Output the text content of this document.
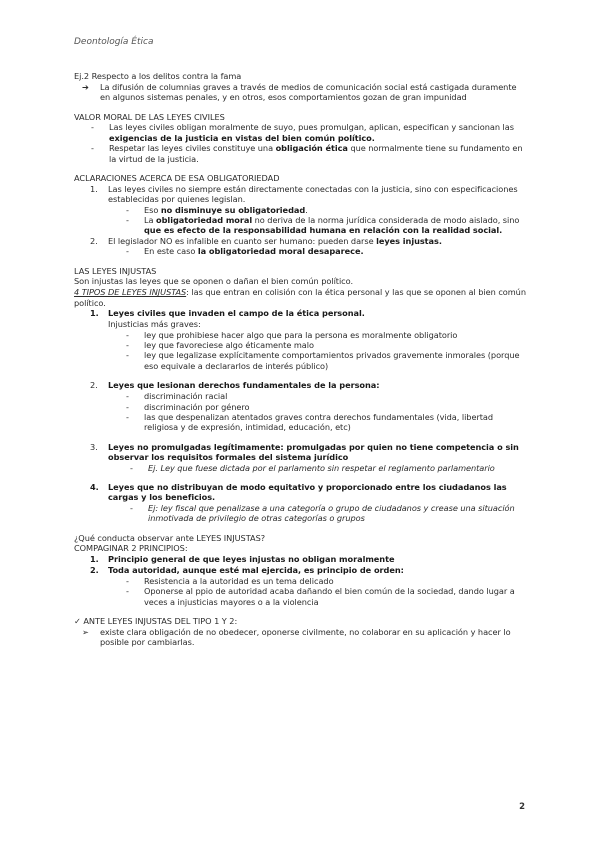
Deontología Ética

Ej.2 Respecto a los delitos contra la fama

➔	La difusión de columnias graves a través de medios de comunicación social está castigada duramente en algunos sistemas penales, y en otros, esos comportamientos gozan de gran impunidad

VALOR MORAL DE LAS LEYES CIVILES

-	Las leyes civiles obligan moralmente de suyo, pues promulgan, aplican, especifican y sancionan las exigencias de la justicia en vistas del bien común político.
-	Respetar las leyes civiles constituye una obligación ética que normalmente tiene su fundamento en la virtud de la justicia.

ACLARACIONES ACERCA DE ESA OBLIGATORIEDAD

1.	Las leyes civiles no siempre están directamente conectadas con la justicia, sino con especificaciones establecidas por quienes legislan.
-	Eso no disminuye su obligatoriedad.
-	La obligatoriedad moral no deriva de la norma jurídica considerada de modo aislado, sino que es efecto de la responsabilidad humana en relación con la realidad social.
2.	El legislador NO es infalible en cuanto ser humano: pueden darse leyes injustas.
-	En este caso la obligatoriedad moral desaparece.

LAS LEYES INJUSTAS

Son injustas las leyes que se oponen o dañan el bien común político.

4 TIPOS DE LEYES INJUSTAS: las que entran en colisión con la ética personal y las que se oponen al bien común político.

1.	Leyes civiles que invaden el campo de la ética personal.

Injusticias más graves:

-	ley que prohibiese hacer algo que para la persona es moralmente obligatorio
-	ley que favoreciese algo éticamente malo
-	ley que legalizase explícitamente comportamientos privados gravemente inmorales (porque eso equivale a declararlos de interés público)
2.	Leyes que lesionan derechos fundamentales de la persona:
-	discriminación racial
-	discriminación por género
-	las que despenalizan atentados graves contra derechos fundamentales (vida, libertad religiosa y de expresión, intimidad, educación, etc)
3.	Leyes no promulgadas legítimamente: promulgadas por quien no tiene competencia o sin observar los requisitos formales del sistema jurídico
-	Ej. Ley que fuese dictada por el parlamento sin respetar el reglamento parlamentario
4.	Leyes que no distribuyan de modo equitativo y proporcionado entre los ciudadanos las cargas y los beneficios.
-	Ej: ley fiscal que penalizase a una categoría o grupo de ciudadanos y crease una situación inmotivada de privilegio de otras categorías o grupos

¿Qué conducta observar ante LEYES INJUSTAS?

COMPAGINAR 2 PRINCIPIOS:

1.	Principio general de que leyes injustas no obligan moralmente
2.	Toda autoridad, aunque esté mal ejercida, es principio de orden:
-	Resistencia a la autoridad es un tema delicado
-	Oponerse al ppio de autoridad acaba dañando el bien común de la sociedad, dando lugar a veces a injusticias mayores o a la violencia

✓ ANTE LEYES INJUSTAS DEL TIPO 1 Y 2:

➢	existe clara obligación de no obedecer, oponerse civilmente, no colaborar en su aplicación y hacer lo posible por cambiarlas.
2
